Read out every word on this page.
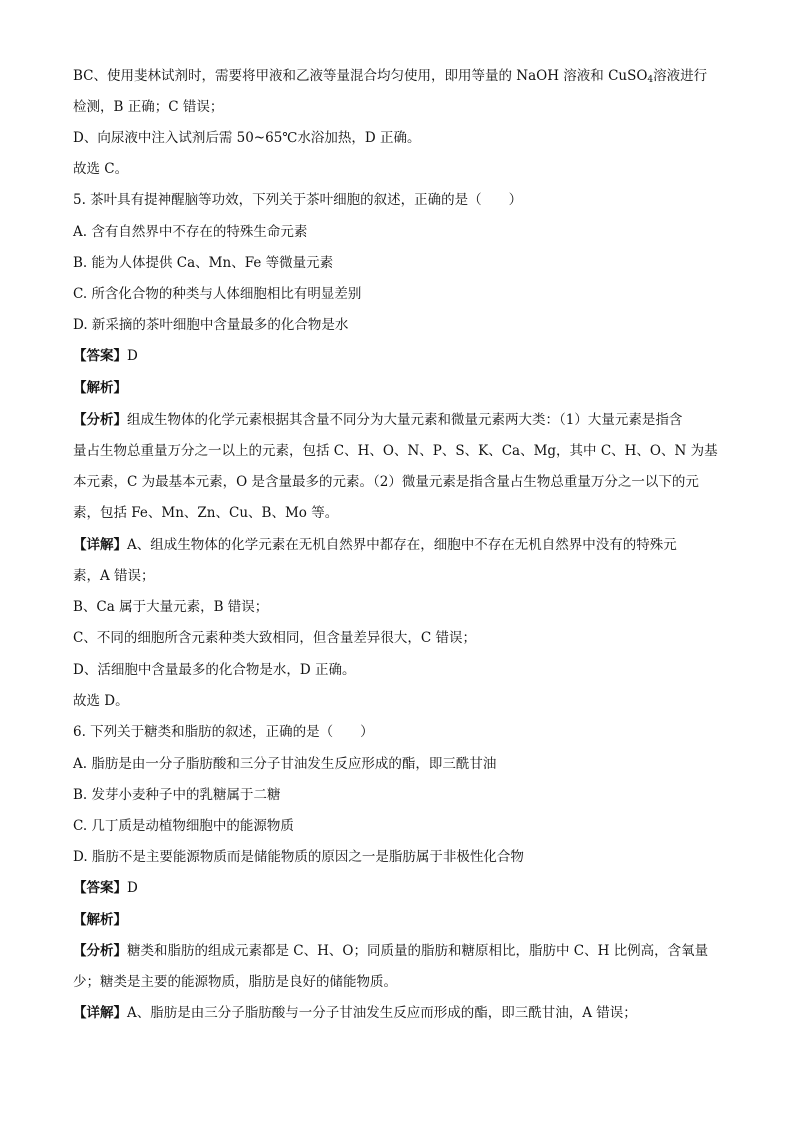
BC、使用斐林试剂时，需要将甲液和乙液等量混合均匀使用，即用等量的 NaOH 溶液和 CuSO$_4$溶液进行
检测，B 正确；C 错误；
D、向尿液中注入试剂后需 50~65℃水浴加热，D 正确。
故选 C。
5. 茶叶具有提神醒脑等功效，下列关于茶叶细胞的叙述，正确的是（　　）
A. 含有自然界中不存在的特殊生命元素
B. 能为人体提供 Ca、Mn、Fe 等微量元素
C. 所含化合物的种类与人体细胞相比有明显差别
D. 新采摘的茶叶细胞中含量最多的化合物是水
【答案】D
【解析】
【分析】组成生物体的化学元素根据其含量不同分为大量元素和微量元素两大类：（1）大量元素是指含
量占生物总重量万分之一以上的元素，包括 C、H、O、N、P、S、K、Ca、Mg，其中 C、H、O、N 为基
本元素，C 为最基本元素，O 是含量最多的元素。（2）微量元素是指含量占生物总重量万分之一以下的元
素，包括 Fe、Mn、Zn、Cu、B、Mo 等。
【详解】A、组成生物体的化学元素在无机自然界中都存在，细胞中不存在无机自然界中没有的特殊元
素，A 错误；
B、Ca 属于大量元素，B 错误；
C、不同的细胞所含元素种类大致相同，但含量差异很大，C 错误；
D、活细胞中含量最多的化合物是水，D 正确。
故选 D。
6. 下列关于糖类和脂肪的叙述，正确的是（　　）
A. 脂肪是由一分子脂肪酸和三分子甘油发生反应形成的酯，即三酰甘油
B. 发芽小麦种子中的乳糖属于二糖
C. 几丁质是动植物细胞中的能源物质
D. 脂肪不是主要能源物质而是储能物质的原因之一是脂肪属于非极性化合物
【答案】D
【解析】
【分析】糖类和脂肪的组成元素都是 C、H、O；同质量的脂肪和糖原相比，脂肪中 C、H 比例高，含氧量
少；糖类是主要的能源物质，脂肪是良好的储能物质。
【详解】A、脂肪是由三分子脂肪酸与一分子甘油发生反应而形成的酯，即三酰甘油，A 错误；
